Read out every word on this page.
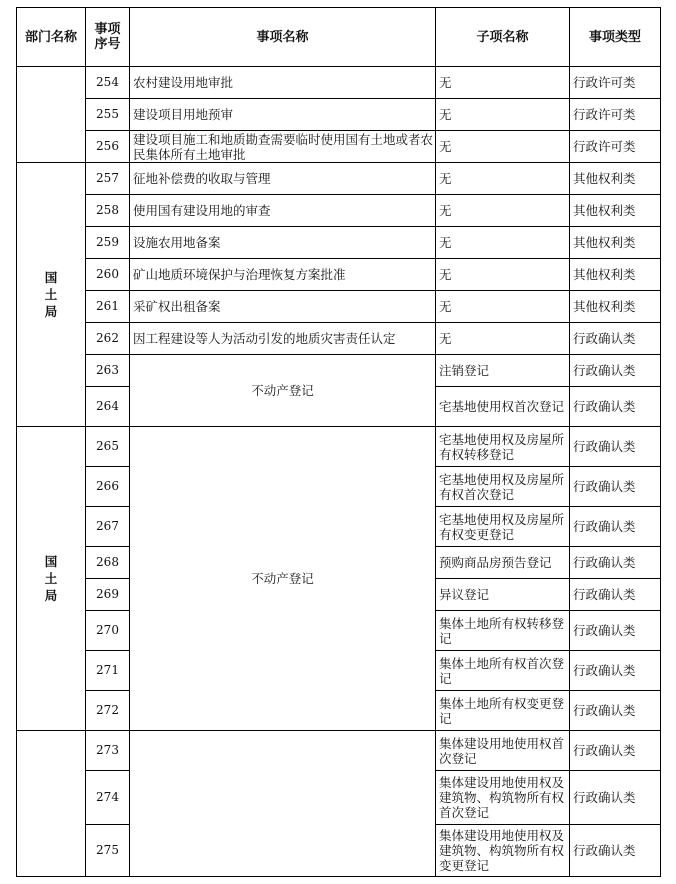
部门名称	事项序号	事项名称	子项名称	事项类型
	254	农村建设用地审批	无	行政许可类
	255	建设项目用地预审	无	行政许可类
	256	建设项目施工和地质勘查需要临时使用国有土地或者农民集体所有土地审批	无	行政许可类
国土局	257	征地补偿费的收取与管理	无	其他权利类
	258	使用国有建设用地的审查	无	其他权利类
	259	设施农用地备案	无	其他权利类
	260	矿山地质环境保护与治理恢复方案批准	无	其他权利类
	261	采矿权出租备案	无	其他权利类
	262	因工程建设等人为活动引发的地质灾害责任认定	无	行政确认类
	263	不动产登记	注销登记	行政确认类
	264		宅基地使用权首次登记	行政确认类
国土局	265	不动产登记	宅基地使用权及房屋所有权转移登记	行政确认类
	266		宅基地使用权及房屋所有权首次登记	行政确认类
	267		宅基地使用权及房屋所有权变更登记	行政确认类
	268		预购商品房预告登记	行政确认类
	269		异议登记	行政确认类
	270		集体土地所有权转移登记	行政确认类
	271		集体土地所有权首次登记	行政确认类
	272		集体土地所有权变更登记	行政确认类
	273		集体建设用地使用权首次登记	行政确认类
	274		集体建设用地使用权及建筑物、构筑物所有权首次登记	行政确认类
	275		集体建设用地使用权及建筑物、构筑物所有权变更登记	行政确认类
